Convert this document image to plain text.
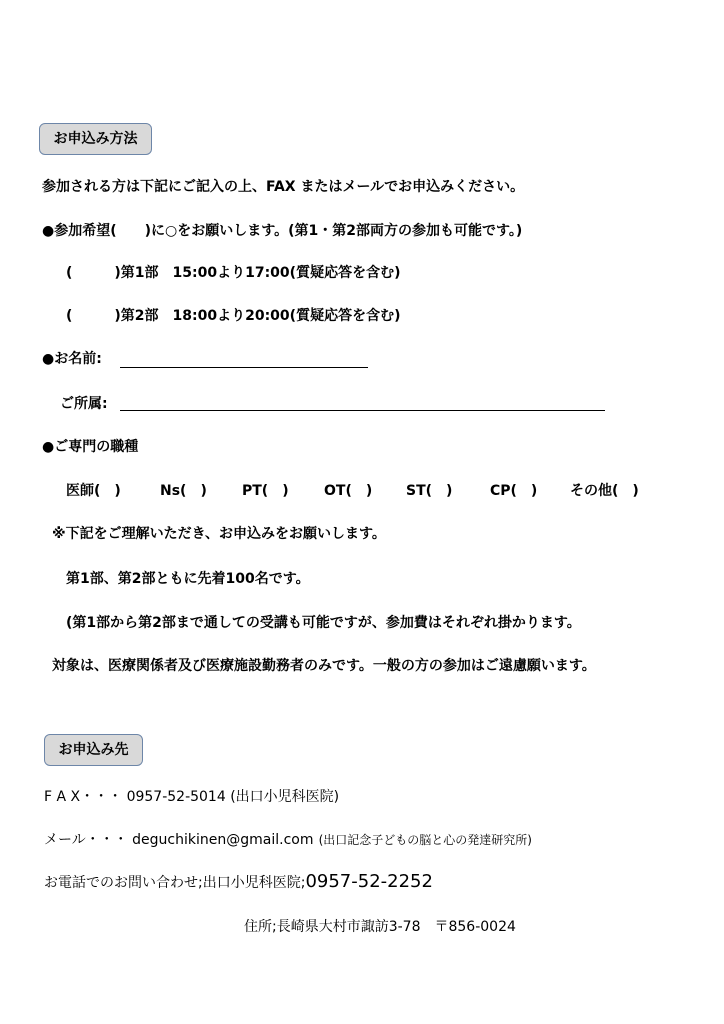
お申込み方法
参加される方は下記にご記入の上、FAX またはメールでお申込みください。
●参加希望(　　)に○をお願いします。(第1・第2部両方の参加も可能です。)
(　　　)第1部　15:00より17:00(質疑応答を含む)
(　　　)第2部　18:00より20:00(質疑応答を含む)
●お名前:
ご所属:
●ご専門の職種
医師(　)	Ns(　)	PT(　)	OT(　) ST(　)	CP(　) その他(　)
※下記をご理解いただき、お申込みをお願いします。
第1部、第2部ともに先着100名です。
(第1部から第2部まで通しての受講も可能ですが、参加費はそれぞれ掛かります。
対象は、医療関係者及び医療施設勤務者のみです。一般の方の参加はご遠慮願います。
お申込み先
F A X・・・ 0957-52-5014 (出口小児科医院)
メール・・・ deguchikinen@gmail.com (出口記念子どもの脳と心の発達研究所)
お電話でのお問い合わせ;出口小児科医院;0957-52-2252
住所;長崎県大村市諏訪3-78　〒856-0024
